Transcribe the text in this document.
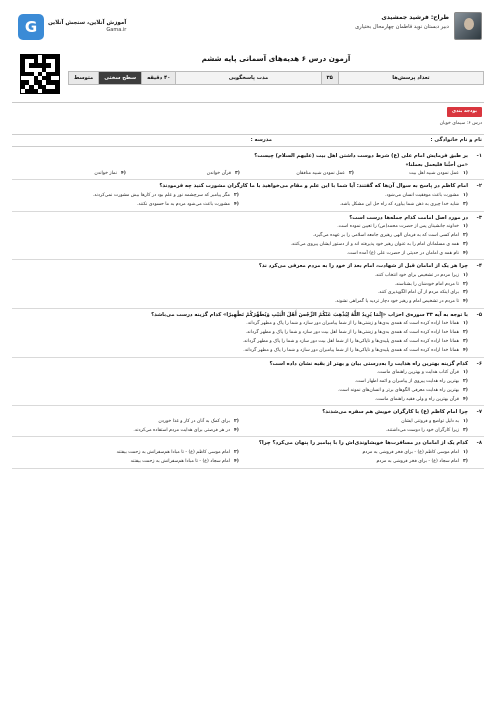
طراح: فرشید جمشیدی
دبیر دبستان نوید فاطمان چهارمحال بختیاری
G	آموزش آنلاین، سنجش آنلاین
Gama.ir
آزمون درس ۶ هدیه‌های آسمانی پایه ششم
تعداد پرسش‌ها
۳۵
مدت پاسخگویی
۴۰ دقیقه
سطح سختی
متوسط
بودجه بندی
درس ۶: سیمای خوبان
نام و نام خانوادگی :
مدرسه :
-۱
بر طبق فرمایش امام علی (ع) شرط دوست داشتن اهل بیت (علیهم السلام) چیست؟
«من أحبَّنا فلیعمل بعملنا»
۱)
عمل نمودن شبیه اهل بیت
۲)
عمل نمودن شبیه منافقان
۳)
قرآن خواندن
۴)
نماز خواندن
-۲
امام کاظم در پاسخ به سوال آن‌ها که گفتند: آیا شما با این علم و مقام می‌خواهید با ما کارگران مشورت کنید چه فرمودند؟
۱)
مشورت باعث موفقیت انسان می‌شود.
۲)
مگر پیامبر که سرچشمه نور و علم بود در کارها بیش مشورت نمی‌کردند.
۳)
شاید خدا چیزی به ذهن شما بیاورد که راه حل این مشکل باشد.
۴)
مشورت باعث می‌شود مردم به ما حسودی نکنند.
-۳
در مورد اصل امامت کدام جمله‌ها درست است؟
۱)
خداوند جانشینان پس از حضرت محمد(ص) را تعیین نموده است.
۲)
امام کسی است که به فرمان الهی رهبری جامعه اسلامی را بر عهده می‌گیرد.
۳)
همه ی مسلمانان امام را به عنوان رهبر خود پذیرفته اند و از دستور ایشان پیروی می‌کنند.
۴)
نام همه ی امامان در حدیثی از حضرت علی (ع) آمده است.
-۴
چرا هر یک از امامان قبل از شهادت، امام بعد از خود را به مردم معرفی می‌کرد ند؟
۱)
زیرا مردم در تشخیص برای خود انتخاب کنند.
۲)
تا مردم امام خودشان را بشناسند.
۳)
برای اینکه مردم از آن امام الگوپذیری کنند.
۴)
تا مردم در تشخیص امام و رهبر خود دچار تردید یا گمراهی نشوند.
-۵
با توجه به آیه ۳۳ سوره‌ی احزاب «إِنَّمَا یُرِیدُ اللَّهُ لِیُذْهِبَ عَنْکُمُ الرِّجْسَ أَهْلَ الْبَیْتِ وَیُطَهِّرَکُمْ تَطْهِیرًا» کدام گزینه درست می‌باشد؟
۱)
همانا خدا اراده کرده است که همه‌ی بدی‌ها و زشتی‌ها را از شما پیامبران دور سازد و شما را پاک و مطهر گرداند.
۲)
همانا خدا اراده کرده است که همه‌ی بدی‌ها و زشتی‌ها را از شما اهل بیت دور سازد و شما را پاک و مطهر گرداند.
۳)
همانا خدا اراده کرده است که همه‌ی پلیدی‌ها و ناپاکی‌ها را از شما اهل بیت دور سازد و شما را پاک و مطهر گرداند.
۴)
همانا خدا اراده کرده است که همه‌ی پلیدی‌ها و ناپاکی‌ها را از شما پیامبران دور سازد و شما را پاک و مطهر گرداند.
-۶
کدام گزینه بهترین راه هدایت را به‌درستی بیان و بهتر از بقیه نشان داده است؟
۱)
قرآن کتاب هدایت و بهترین راهنمای ماست.
۲)
بهترین راه هدایت پیروی از پیامبران و ائمه اطهار است.
۳)
بهترین راه هدایت معرفی الگوهای برتر و انسان‌های نمونه است.
۴)
قرآن بهترین راه و ولی فقیه راهنمای ماست.
-۷
چرا امام کاظم (ع) با کارگران خویش هم سفره می‌شدند؟
۱)
به دلیل تواضع و فروتنی ایشان
۲)
برای کمک به آنان در کار و غذا خوردن
۳)
زیرا کارگران خود را دوست می‌داشتند.
۴)
در هر فرصتی برای هدایت مردم استفاده می‌کردند.
-۸
کدام یک از امامان در مسافرت‌ها خویشاوندی‌اش را با پیامبر را پنهان می‌کرد؟ چرا؟
۱)
امام موسی کاظم (ع) - برای فخر فروشی به مردم
۲)
امام موسی کاظم (ع) - تا مبادا هم‌سفرانش به زحمت بیفتند
۳)
امام سجاد (ع) - برای فخر فروشی به مردم
۴)
امام سجاد (ع) - تا مبادا هم‌سفرانش به زحمت بیفتند
